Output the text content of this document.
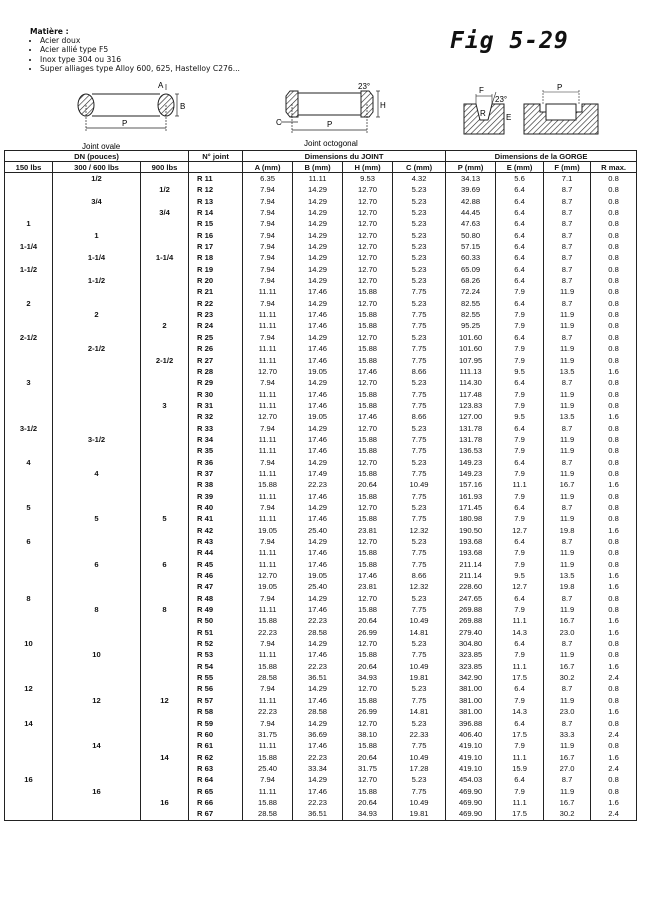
Matière :
• Acier doux
• Acier allié type F5
• Inox type 304 ou 316
• Super alliages type Alloy 600, 625, Hastelloy C276...
Fig 5-29
A
B
P
Joint ovale
23°
H
C	P
Joint octogonal
F
23°
E
R
P
DN (pouces)			N° joint	Dimensions du JOINT				Dimensions de la GORGE			
150 lbs	300 / 600 lbs	900 lbs		A (mm)	B (mm)	H (mm)	C (mm)	P (mm)	E (mm)	F (mm)	R max.
	1/2		R 11	6.35	11.11	9.53	4.32	34.13	5.6	7.1	0.8
		1/2	R 12	7.94	14.29	12.70	5.23	39.69	6.4	8.7	0.8
	3/4		R 13	7.94	14.29	12.70	5.23	42.88	6.4	8.7	0.8
		3/4	R 14	7.94	14.29	12.70	5.23	44.45	6.4	8.7	0.8
1			R 15	7.94	14.29	12.70	5.23	47.63	6.4	8.7	0.8
	1		R 16	7.94	14.29	12.70	5.23	50.80	6.4	8.7	0.8
1-1/4			R 17	7.94	14.29	12.70	5.23	57.15	6.4	8.7	0.8
	1-1/4	1-1/4	R 18	7.94	14.29	12.70	5.23	60.33	6.4	8.7	0.8
1-1/2			R 19	7.94	14.29	12.70	5.23	65.09	6.4	8.7	0.8
	1-1/2		R 20	7.94	14.29	12.70	5.23	68.26	6.4	8.7	0.8
			R 21	11.11	17.46	15.88	7.75	72.24	7.9	11.9	0.8
2			R 22	7.94	14.29	12.70	5.23	82.55	6.4	8.7	0.8
	2		R 23	11.11	17.46	15.88	7.75	82.55	7.9	11.9	0.8
		2	R 24	11.11	17.46	15.88	7.75	95.25	7.9	11.9	0.8
2-1/2			R 25	7.94	14.29	12.70	5.23	101.60	6.4	8.7	0.8
	2-1/2		R 26	11.11	17.46	15.88	7.75	101.60	7.9	11.9	0.8
		2-1/2	R 27	11.11	17.46	15.88	7.75	107.95	7.9	11.9	0.8
			R 28	12.70	19.05	17.46	8.66	111.13	9.5	13.5	1.6
3			R 29	7.94	14.29	12.70	5.23	114.30	6.4	8.7	0.8
			R 30	11.11	17.46	15.88	7.75	117.48	7.9	11.9	0.8
		3	R 31	11.11	17.46	15.88	7.75	123.83	7.9	11.9	0.8
			R 32	12.70	19.05	17.46	8.66	127.00	9.5	13.5	1.6
3-1/2			R 33	7.94	14.29	12.70	5.23	131.78	6.4	8.7	0.8
	3-1/2		R 34	11.11	17.46	15.88	7.75	131.78	7.9	11.9	0.8
			R 35	11.11	17.46	15.88	7.75	136.53	7.9	11.9	0.8
4			R 36	7.94	14.29	12.70	5.23	149.23	6.4	8.7	0.8
	4		R 37	11.11	17.49	15.88	7.75	149.23	7.9	11.9	0.8
			R 38	15.88	22.23	20.64	10.49	157.16	11.1	16.7	1.6
			R 39	11.11	17.46	15.88	7.75	161.93	7.9	11.9	0.8
5			R 40	7.94	14.29	12.70	5.23	171.45	6.4	8.7	0.8
	5	5	R 41	11.11	17.46	15.88	7.75	180.98	7.9	11.9	0.8
			R 42	19.05	25.40	23.81	12.32	190.50	12.7	19.8	1.6
6			R 43	7.94	14.29	12.70	5.23	193.68	6.4	8.7	0.8
			R 44	11.11	17.46	15.88	7.75	193.68	7.9	11.9	0.8
	6	6	R 45	11.11	17.46	15.88	7.75	211.14	7.9	11.9	0.8
			R 46	12.70	19.05	17.46	8.66	211.14	9.5	13.5	1.6
			R 47	19.05	25.40	23.81	12.32	228.60	12.7	19.8	1.6
8			R 48	7.94	14.29	12.70	5.23	247.65	6.4	8.7	0.8
	8	8	R 49	11.11	17.46	15.88	7.75	269.88	7.9	11.9	0.8
			R 50	15.88	22.23	20.64	10.49	269.88	11.1	16.7	1.6
			R 51	22.23	28.58	26.99	14.81	279.40	14.3	23.0	1.6
10			R 52	7.94	14.29	12.70	5.23	304.80	6.4	8.7	0.8
	10		R 53	11.11	17.46	15.88	7.75	323.85	7.9	11.9	0.8
			R 54	15.88	22.23	20.64	10.49	323.85	11.1	16.7	1.6
			R 55	28.58	36.51	34.93	19.81	342.90	17.5	30.2	2.4
12			R 56	7.94	14.29	12.70	5.23	381.00	6.4	8.7	0.8
	12	12	R 57	11.11	17.46	15.88	7.75	381.00	7.9	11.9	0.8
			R 58	22.23	28.58	26.99	14.81	381.00	14.3	23.0	1.6
14			R 59	7.94	14.29	12.70	5.23	396.88	6.4	8.7	0.8
			R 60	31.75	36.69	38.10	22.33	406.40	17.5	33.3	2.4
	14		R 61	11.11	17.46	15.88	7.75	419.10	7.9	11.9	0.8
		14	R 62	15.88	22.23	20.64	10.49	419.10	11.1	16.7	1.6
			R 63	25.40	33.34	31.75	17.28	419.10	15.9	27.0	2.4
16			R 64	7.94	14.29	12.70	5.23	454.03	6.4	8.7	0.8
	16		R 65	11.11	17.46	15.88	7.75	469.90	7.9	11.9	0.8
		16	R 66	15.88	22.23	20.64	10.49	469.90	11.1	16.7	1.6
			R 67	28.58	36.51	34.93	19.81	469.90	17.5	30.2	2.4
